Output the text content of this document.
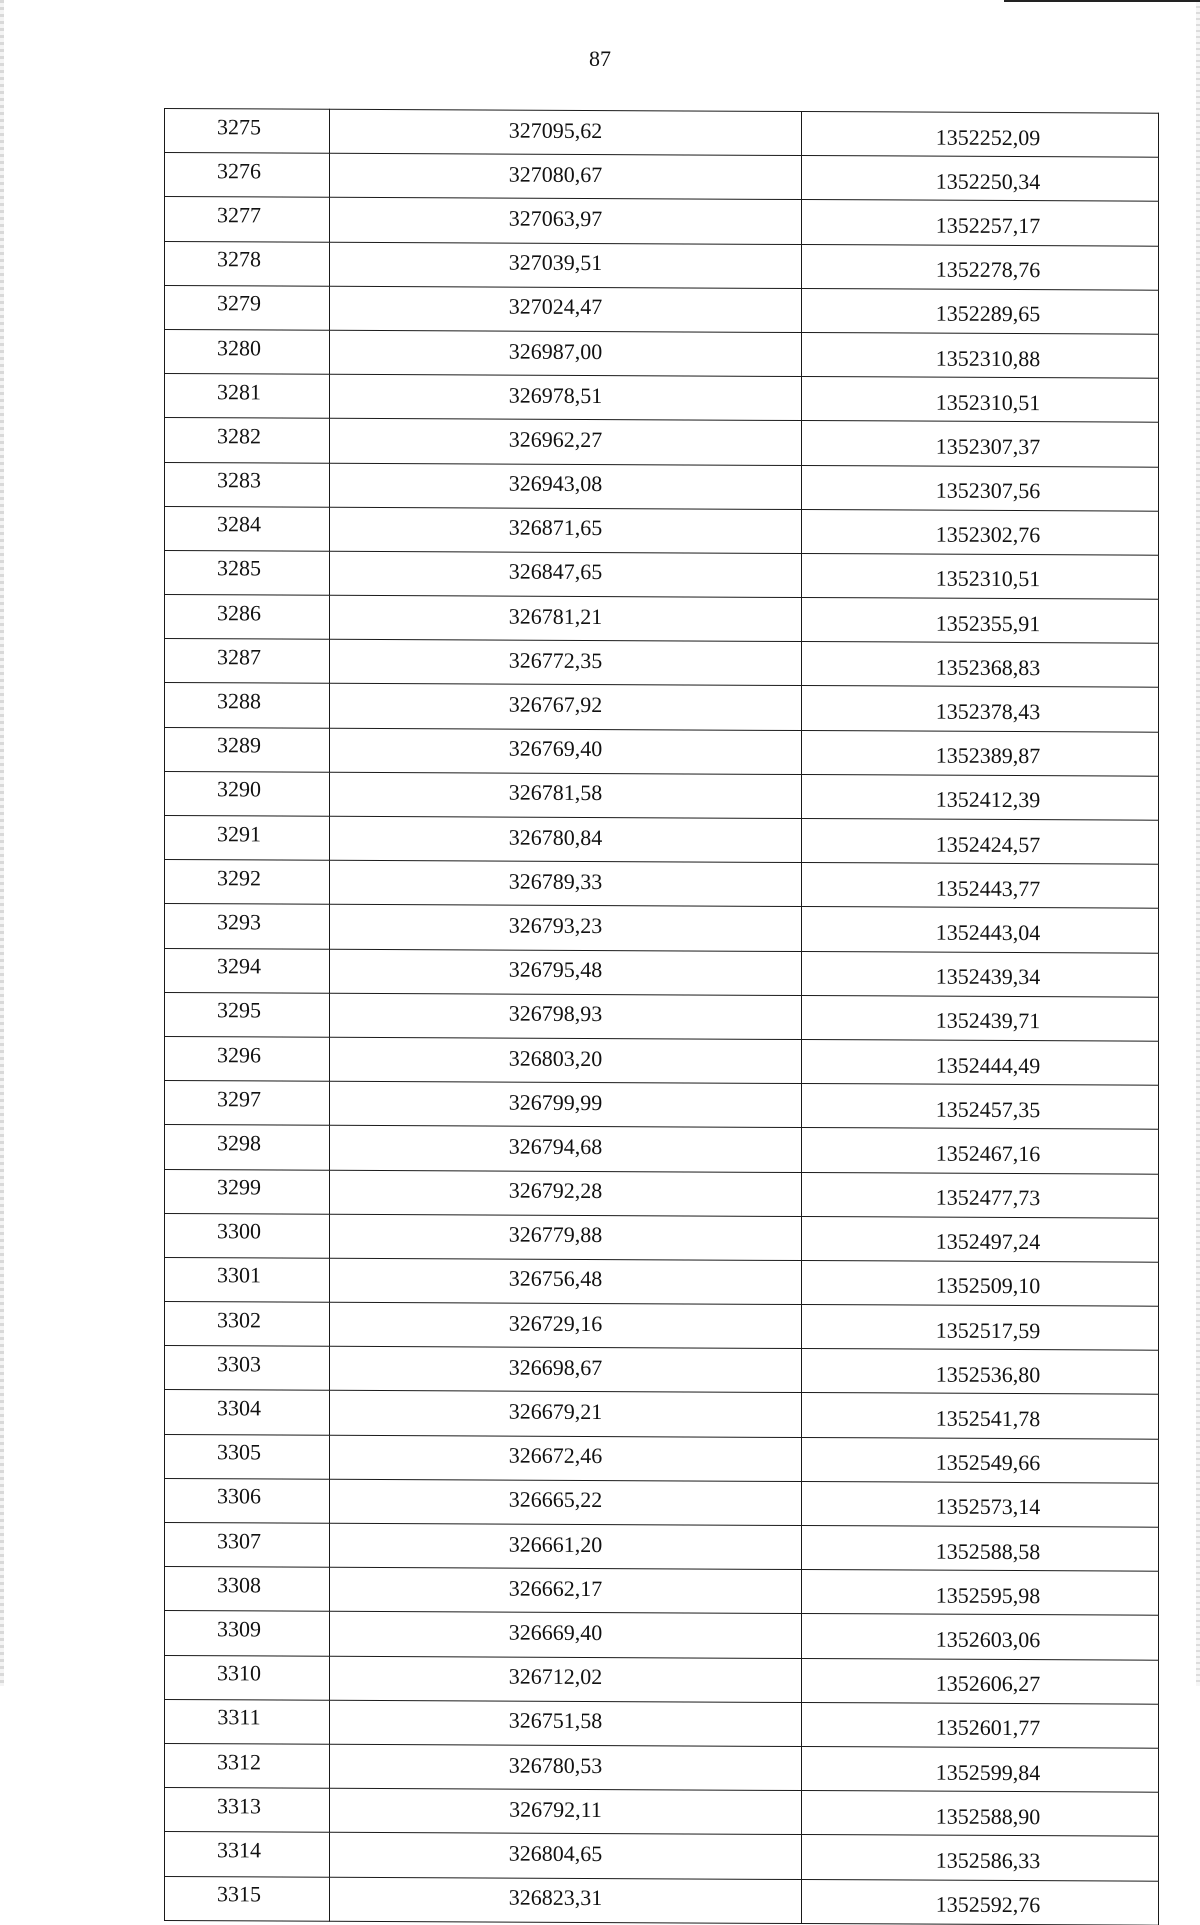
87
3275	327095,62	1352252,09
3276	327080,67	1352250,34
3277	327063,97	1352257,17
3278	327039,51	1352278,76
3279	327024,47	1352289,65
3280	326987,00	1352310,88
3281	326978,51	1352310,51
3282	326962,27	1352307,37
3283	326943,08	1352307,56
3284	326871,65	1352302,76
3285	326847,65	1352310,51
3286	326781,21	1352355,91
3287	326772,35	1352368,83
3288	326767,92	1352378,43
3289	326769,40	1352389,87
3290	326781,58	1352412,39
3291	326780,84	1352424,57
3292	326789,33	1352443,77
3293	326793,23	1352443,04
3294	326795,48	1352439,34
3295	326798,93	1352439,71
3296	326803,20	1352444,49
3297	326799,99	1352457,35
3298	326794,68	1352467,16
3299	326792,28	1352477,73
3300	326779,88	1352497,24
3301	326756,48	1352509,10
3302	326729,16	1352517,59
3303	326698,67	1352536,80
3304	326679,21	1352541,78
3305	326672,46	1352549,66
3306	326665,22	1352573,14
3307	326661,20	1352588,58
3308	326662,17	1352595,98
3309	326669,40	1352603,06
3310	326712,02	1352606,27
3311	326751,58	1352601,77
3312	326780,53	1352599,84
3313	326792,11	1352588,90
3314	326804,65	1352586,33
3315	326823,31	1352592,76
